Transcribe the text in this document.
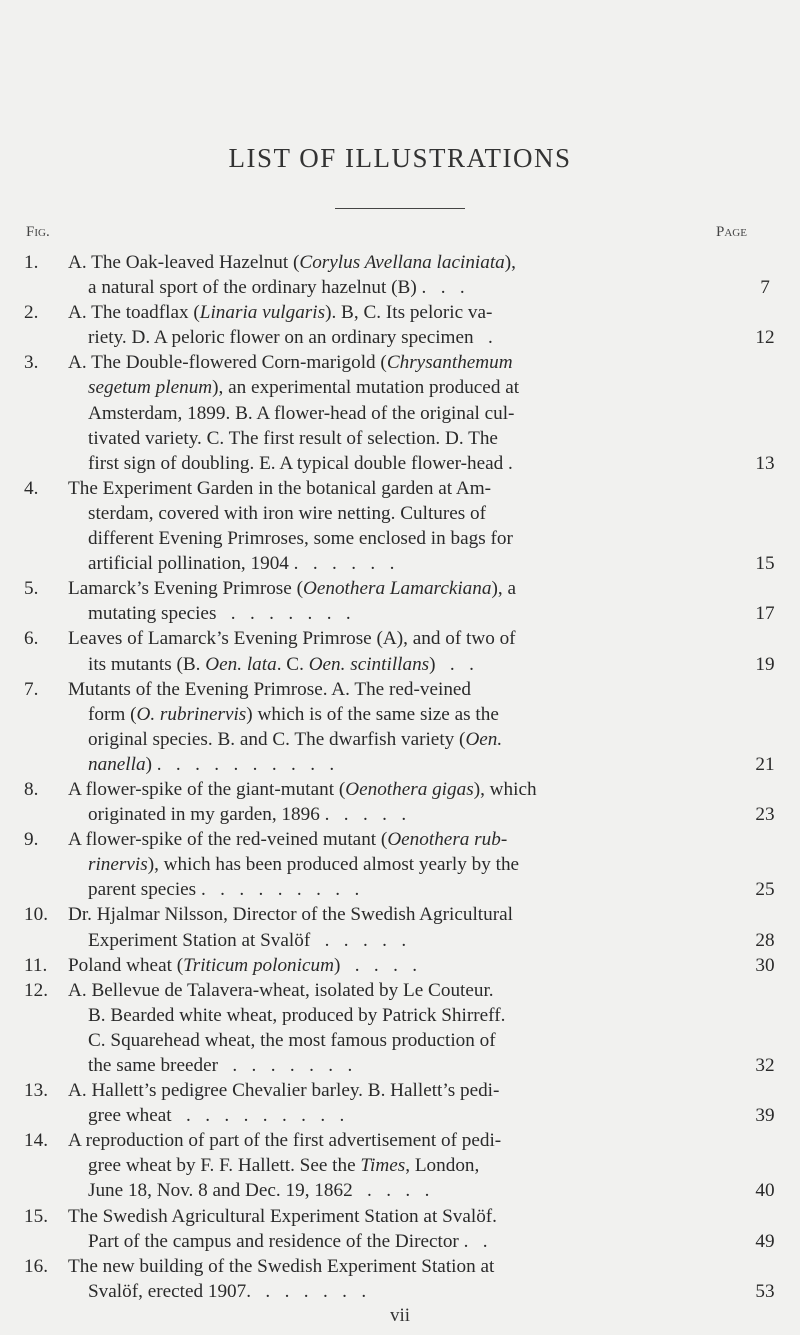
LIST OF ILLUSTRATIONS
Fig.	Page
1.	A. The Oak-leaved Hazelnut (Corylus Avellana laciniata),
a natural sport of the ordinary hazelnut (B) .   .   .	7
2.	A. The toadflax (Linaria vulgaris). B, C. Its peloric va-
riety. D. A peloric flower on an ordinary specimen   .	12
3.	A. The Double-flowered Corn-marigold (Chrysanthemum
segetum plenum), an experimental mutation produced at
Amsterdam, 1899. B. A flower-head of the original cul-
tivated variety. C. The first result of selection. D. The
first sign of doubling. E. A typical double flower-head .	13
4.	The Experiment Garden in the botanical garden at Am-
sterdam, covered with iron wire netting. Cultures of
different Evening Primroses, some enclosed in bags for
artificial pollination, 1904 .   .   .   .   .   .	15
5.	Lamarck’s Evening Primrose (Oenothera Lamarckiana), a
mutating species   .   .   .   .   .   .   .	17
6.	Leaves of Lamarck’s Evening Primrose (A), and of two of
its mutants (B. Oen. lata. C. Oen. scintillans)   .   .	19
7.	Mutants of the Evening Primrose. A. The red-veined
form (O. rubrinervis) which is of the same size as the
original species. B. and C. The dwarfish variety (Oen.
nanella) .   .   .   .   .   .   .   .   .   .	21
8.	A flower-spike of the giant-mutant (Oenothera gigas), which
originated in my garden, 1896 .   .   .   .   .	23
9.	A flower-spike of the red-veined mutant (Oenothera rub-
rinervis), which has been produced almost yearly by the
parent species .   .   .   .   .   .   .   .   .	25
10.	Dr. Hjalmar Nilsson, Director of the Swedish Agricultural
Experiment Station at Svalöf   .   .   .   .   .	28
11.	Poland wheat (Triticum polonicum)   .   .   .   .	30
12.	A. Bellevue de Talavera-wheat, isolated by Le Couteur.
B. Bearded white wheat, produced by Patrick Shirreff.
C. Squarehead wheat, the most famous production of
the same breeder   .   .   .   .   .   .   .	32
13.	A. Hallett’s pedigree Chevalier barley. B. Hallett’s pedi-
gree wheat   .   .   .   .   .   .   .   .   .	39
14.	A reproduction of part of the first advertisement of pedi-
gree wheat by F. F. Hallett. See the Times, London,
June 18, Nov. 8 and Dec. 19, 1862   .   .   .   .	40
15.	The Swedish Agricultural Experiment Station at Svalöf.
Part of the campus and residence of the Director .   .	49
16.	The new building of the Swedish Experiment Station at
Svalöf, erected 1907.   .   .   .   .   .   .	53
vii
